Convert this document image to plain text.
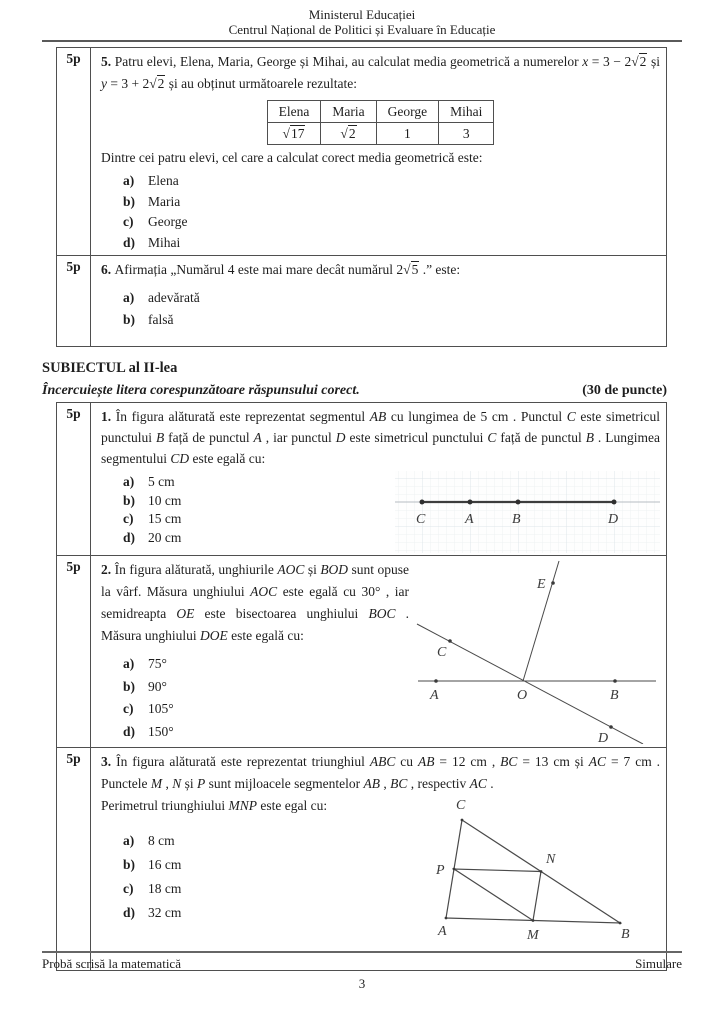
Ministerul Educației
Centrul Național de Politici și Evaluare în Educație
5p	5. Patru elevi, Elena, Maria, George și Mihai, au calculat media geometrică a numerelor x = 3 − 2√2 și y = 3 + 2√2 și au obținut următoarele rezultate:

Elena	Maria	George	Mihai
√17	√2	1	3

Dintre cei patru elevi, cel care a calculat corect media geometrică este:

a)	Elena
b) Maria
c)	George
d) Mihai

5p	6. Afirmația „Numărul 4 este mai mare decât numărul 2√5 .” este:

a)	adevărată
b) falsă
SUBIECTUL al II-lea
Încercuiește litera corespunzătoare răspunsului corect.	(30 de puncte)
5p	1. În figura alăturată este reprezentat segmentul AB cu lungimea de 5 cm . Punctul C este simetricul punctului B față de punctul A , iar punctul D este simetricul punctului C față de punctul B . Lungimea segmentului CD este egală cu:

a)	5 cm
b) 10 cm
c)	15 cm
d) 20 cm
C	A	B	D

5p	2. În figura alăturată, unghiurile AOC și BOD sunt opuse la vârf. Măsura unghiului AOC este egală cu 30° , iar semidreapta OE este bisectoarea unghiului BOC . Măsura unghiului DOE este egală cu:

a)	75°
b) 90°
c)	105°
d) 150°
A	O	B
C
D
E

5p	3. În figura alăturată este reprezentat triunghiul ABC cu AB = 12 cm , BC = 13 cm și AC = 7 cm . Punctele M , N și P sunt mijloacele segmentelor AB , BC , respectiv AC .

Perimetrul triunghiului MNP este egal cu:

a)	8 cm
b) 16 cm
c)	18 cm
d) 32 cm
A	B
C
M
N
P
Probă scrisă la matematică	Simulare
3
